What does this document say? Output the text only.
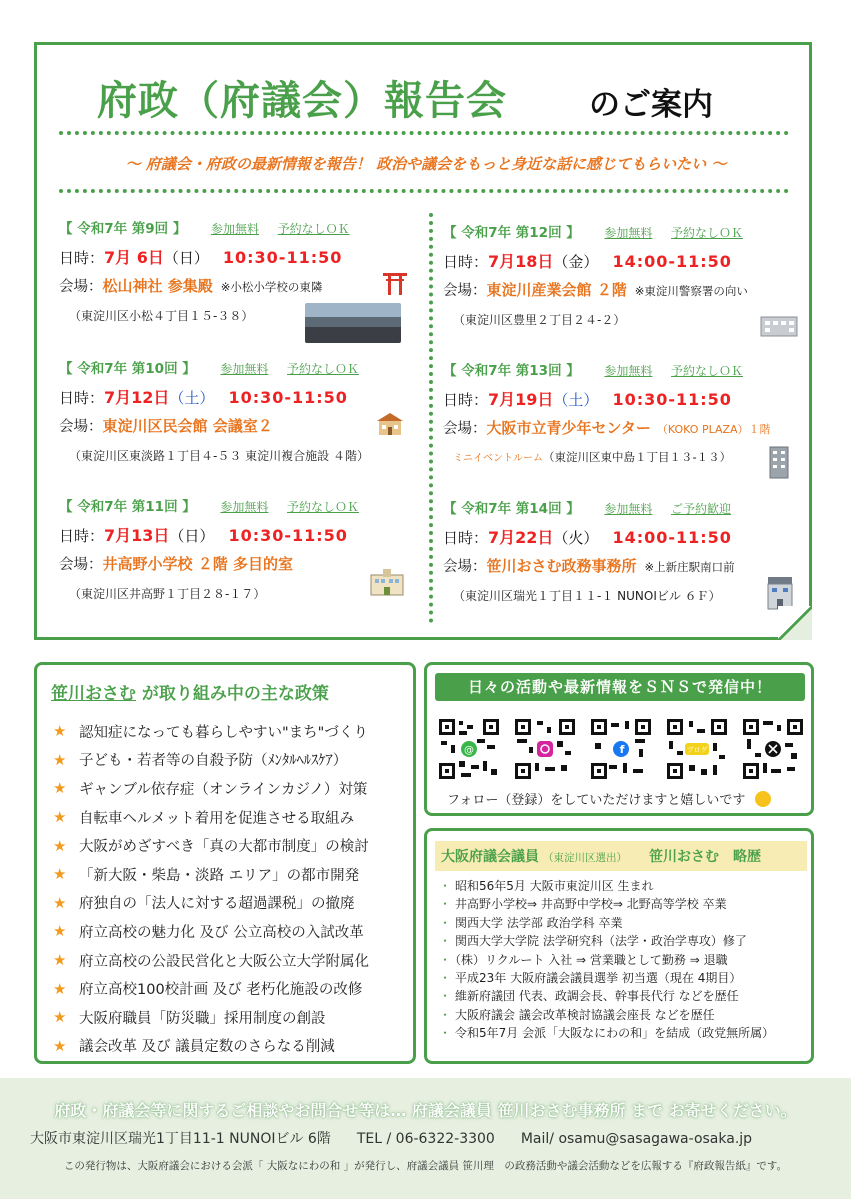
府政（府議会）報告会	のご案内
〜 府議会・府政の最新情報を報告！ 政治や議会をもっと身近な話に感じてもらいたい 〜
【 令和7年 第9回 】 参加無料 予約なしＯＫ
日時：7月 6日（日） 10:30-11:50
会場：松山神社 参集殿 ※小松小学校の東隣
（東淀川区小松４丁目１５-３８）
【 令和7年 第10回 】 参加無料 予約なしＯＫ
日時：7月12日（土） 10:30-11:50
会場：東淀川区民会館 会議室２
（東淀川区東淡路１丁目４-５３ 東淀川複合施設 ４階）
【 令和7年 第11回 】 参加無料 予約なしＯＫ
日時：7月13日（日） 10:30-11:50
会場：井高野小学校 ２階 多目的室
（東淀川区井高野１丁目２８-１７）
【 令和7年 第12回 】 参加無料 予約なしＯＫ
日時：7月18日（金） 14:00-11:50
会場：東淀川産業会館 ２階 ※東淀川警察署の向い
（東淀川区豊里２丁目２４-２）
【 令和7年 第13回 】 参加無料 予約なしＯＫ
日時：7月19日（土） 10:30-11:50
会場：大阪市立青少年センター （KOKO PLAZA）１階
ミニイベントルーム（東淀川区東中島１丁目１３-１３）
【 令和7年 第14回 】 参加無料 ご予約歓迎
日時：7月22日（火） 14:00-11:50
会場：笹川おさむ政務事務所 ※上新庄駅南口前
（東淀川区瑞光１丁目１１-１ NUNOIビル ６Ｆ）
笹川おさむ が取り組み中の主な政策
★ 認知症になっても暮らしやすい"まち"づくり
★ 子ども・若者等の自殺予防（ﾒﾝﾀﾙﾍﾙｽｹｱ）
★ ギャンブル依存症（オンラインカジノ）対策
★ 自転車ヘルメット着用を促進させる取組み
★ 大阪がめざすべき「真の大都市制度」の検討
★ 「新大阪・柴島・淡路 エリア」の都市開発
★ 府独自の「法人に対する超過課税」の撤廃
★ 府立高校の魅力化 及び 公立高校の入試改革
★ 府立高校の公設民営化と大阪公立大学附属化
★ 府立高校100校計画 及び 老朽化施設の改修
★ 大阪府職員「防災職」採用制度の創設
★ 議会改革 及び 議員定数のさらなる削減
日々の活動や最新情報をＳＮＳで発信中！
@	f	ブログ
フォロー（登録）をしていただけますと嬉しいです
大阪府議会議員 （東淀川区選出） 笹川おさむ　略歴
・ 昭和56年5月 大阪市東淀川区 生まれ
・ 井高野小学校⇒ 井高野中学校⇒ 北野高等学校 卒業
・ 関西大学 法学部 政治学科 卒業
・ 関西大学大学院 法学研究科（法学・政治学専攻）修了
・ （株）リクルート 入社 ⇒ 営業職として勤務 ⇒ 退職
・ 平成23年 大阪府議会議員選挙 初当選（現在 4期目）
・ 維新府議団 代表、政調会長、幹事長代行 などを歴任
・ 大阪府議会 議会改革検討協議会座長 などを歴任
・ 令和5年7月 会派「大阪なにわの和」を結成（政党無所属）
府政・府議会等に関するご相談やお問合せ等は… 府議会議員 笹川おさむ事務所 まで お寄せください。
大阪市東淀川区瑞光1丁目11-1 NUNOIビル 6階 TEL / 06-6322-3300 Mail/ osamu@sasagawa-osaka.jp
この発行物は、大阪府議会における会派「 大阪なにわの和 」が発行し、府議会議員 笹川理　の政務活動や議会活動などを広報する『府政報告紙』です。
